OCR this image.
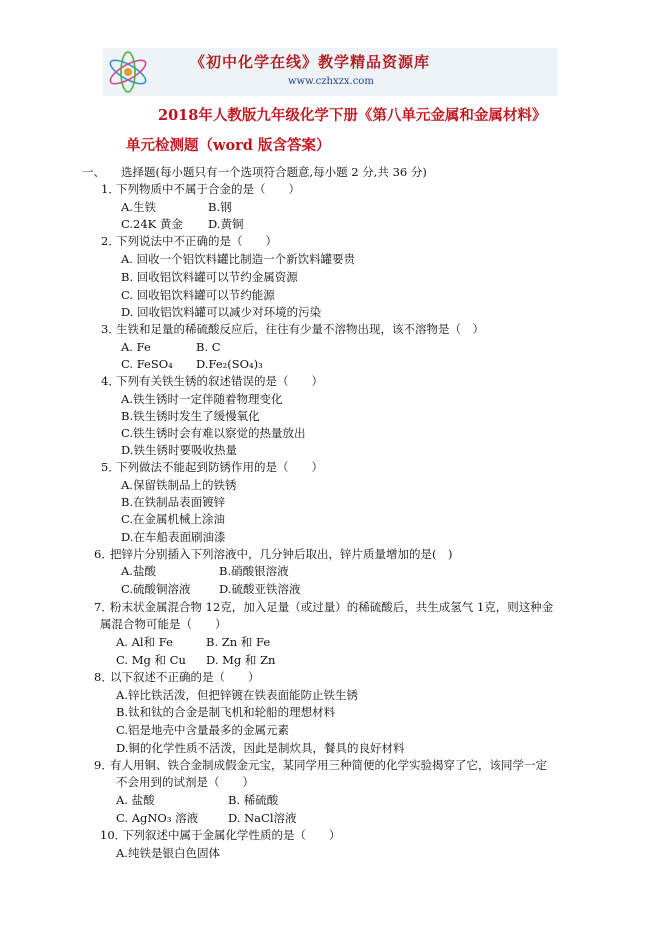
《初中化学在线》教学精品资源库
www.czhxzx.com
2018年人教版九年级化学下册《第八单元金属和金属材料》
单元检测题（word 版含答案）
一、 选择题(每小题只有一个选项符合题意,每小题 2 分,共 36 分)
1．
下列物质中不属于合金的是（　　）
A.生铁	B.钢
C.24K 黄金 D.黄铜
2．
下列说法中不正确的是（　　）
A. 回收一个铝饮料罐比制造一个新饮料罐要贵
B. 回收铝饮料罐可以节约金属资源
C. 回收铝饮料罐可以节约能源
D. 回收铝饮料罐可以减少对环境的污染
3．
生铁和足量的稀硫酸反应后，往往有少量不溶物出现，该不溶物是（　）
A. Fe	B. C
C. FeSO₄ D.Fe₂(SO₄)₃
4．
下列有关铁生锈的叙述错误的是（　　）
A.铁生锈时一定伴随着物理变化
B.铁生锈时发生了缓慢氧化
C.铁生锈时会有难以察觉的热量放出
D.铁生锈时要吸收热量
5．
下列做法不能起到防锈作用的是（　　）
A.保留铁制品上的铁锈
B.在铁制品表面镀锌
C.在金属机械上涂油
D.在车船表面刷油漆
6．
把锌片分别插入下列溶液中，几分钟后取出，锌片质量增加的是(　)
A.盐酸	B.硝酸银溶液
C.硫酸铜溶液 D.硫酸亚铁溶液
7．
粉末状金属混合物 12克，加入足量（或过量）的稀硫酸后，共生成氢气 1克，则这种金
属混合物可能是（　　）
A. Al和 Fe	B. Zn 和 Fe
C. Mg 和 Cu D. Mg 和 Zn
8．
以下叙述不正确的是（　　）
A.锌比铁活泼，但把锌镀在铁表面能防止铁生锈
B.钛和钛的合金是制飞机和轮船的理想材料
C.铝是地壳中含量最多的金属元素
D.铜的化学性质不活泼，因此是制炊具，餐具的良好材料
9．
有人用铜、铁合金制成假金元宝，某同学用三种简便的化学实验揭穿了它，该同学一定
不会用到的试剂是（　　）
A. 盐酸	B. 稀硫酸
C. AgNO₃ 溶液	D. NaCl溶液
10．
下列叙述中属于金属化学性质的是（　　）
A.纯铁是银白色固体
